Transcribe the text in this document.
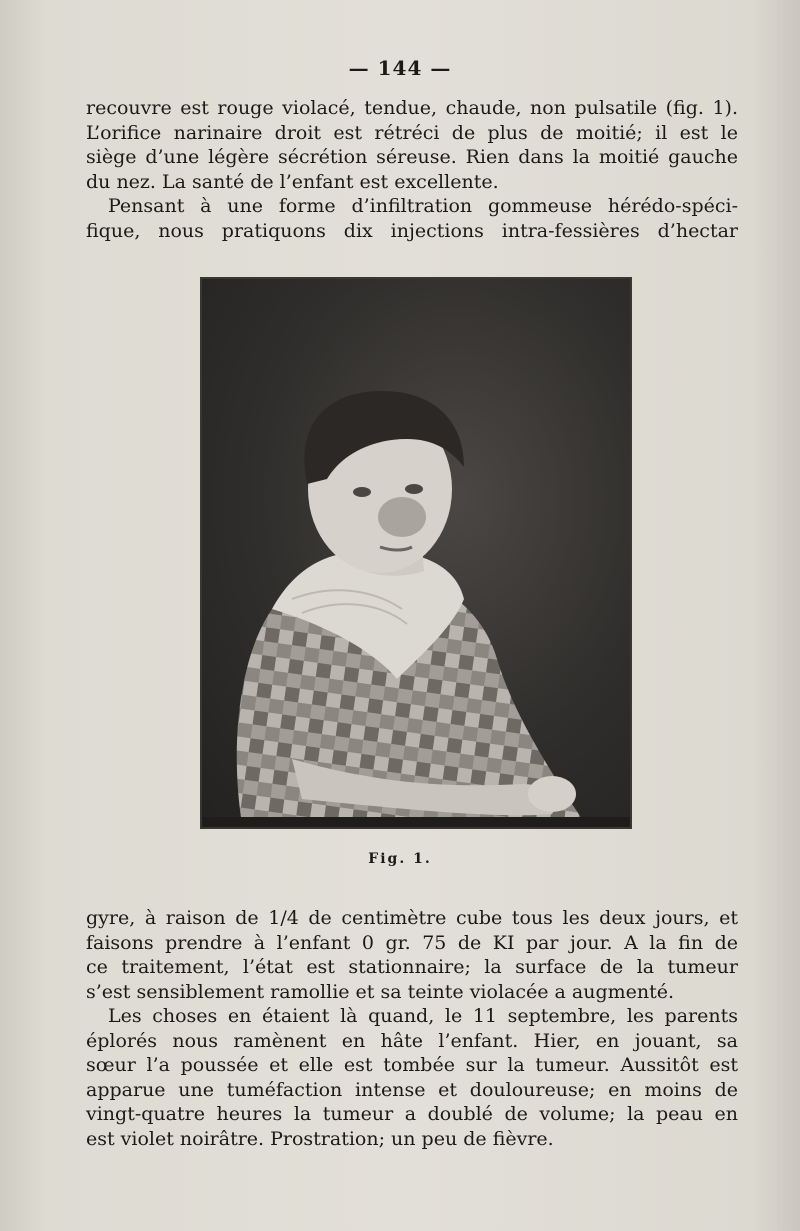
— 144 —
recouvre est rouge violacé, tendue, chaude, non pulsatile (fig. 1).
L’orifice narinaire droit est rétréci de plus de moitié; il est le
siège d’une légère sécrétion séreuse. Rien dans la moitié gauche
du nez. La santé de l’enfant est excellente.
Pensant à une forme d’infiltration gommeuse hérédo-spéci-
fique, nous pratiquons dix injections intra-fessières d’hectar
Fig. 1.
gyre, à raison de 1/4 de centimètre cube tous les deux jours, et
faisons prendre à l’enfant 0 gr. 75 de KI par jour. A la fin de
ce traitement, l’état est stationnaire; la surface de la tumeur
s’est sensiblement ramollie et sa teinte violacée a augmenté.
Les choses en étaient là quand, le 11 septembre, les parents
éplorés nous ramènent en hâte l’enfant. Hier, en jouant, sa
sœur l’a poussée et elle est tombée sur la tumeur. Aussitôt est
apparue une tuméfaction intense et douloureuse; en moins de
vingt-quatre heures la tumeur a doublé de volume; la peau en
est violet noirâtre. Prostration; un peu de fièvre.
